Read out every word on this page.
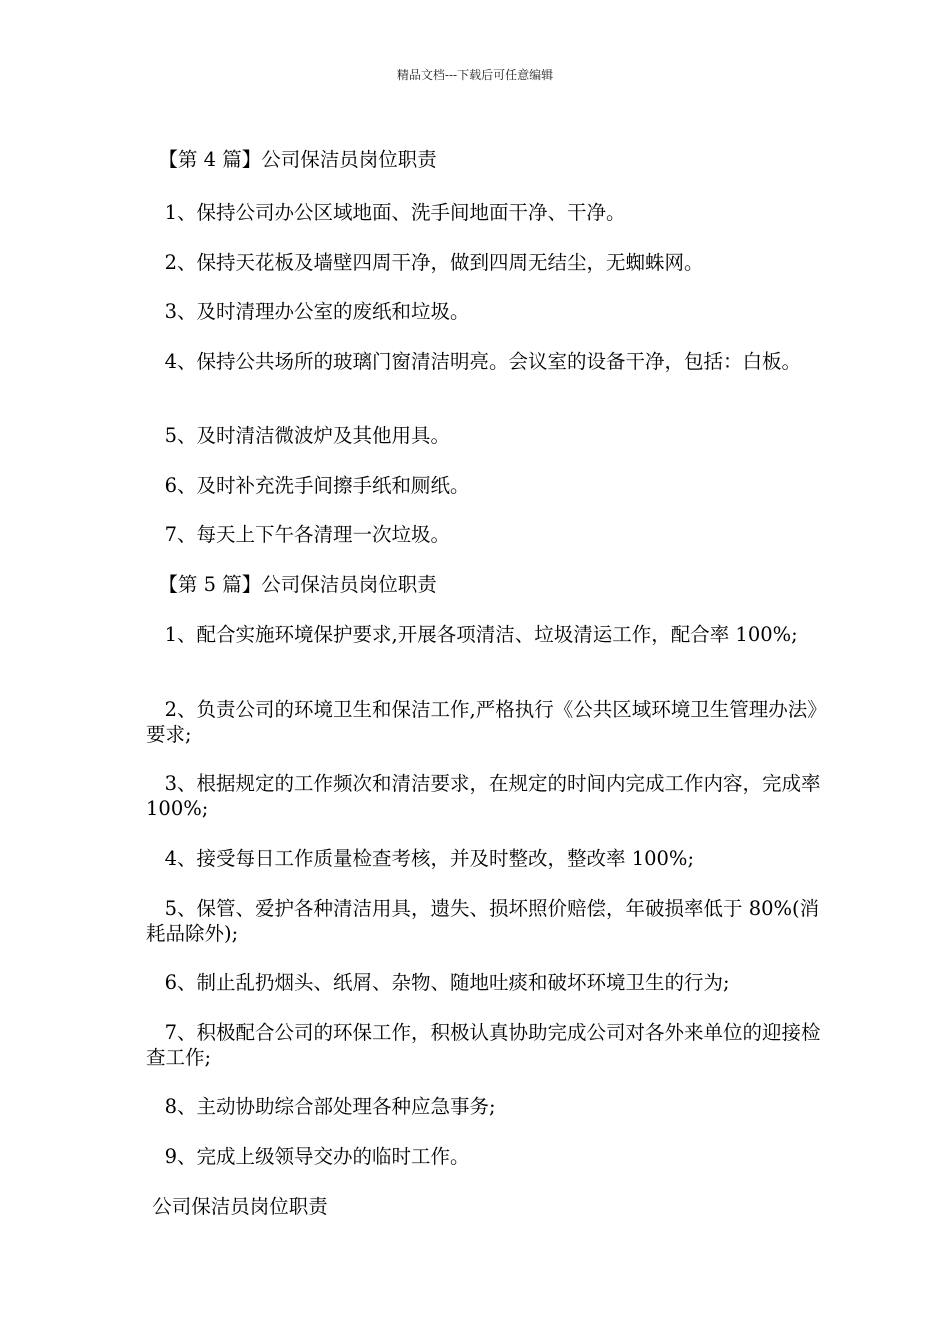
精品文档---下载后可任意编辑
【第 4 篇】公司保洁员岗位职责
1、保持公司办公区域地面、洗手间地面干净、干净。
2、保持天花板及墙壁四周干净，做到四周无结尘，无蜘蛛网。
3、及时清理办公室的废纸和垃圾。
4、保持公共场所的玻璃门窗清洁明亮。会议室的设备干净，包括：白板。
5、及时清洁微波炉及其他用具。
6、及时补充洗手间擦手纸和厕纸。
7、每天上下午各清理一次垃圾。
【第 5 篇】公司保洁员岗位职责
1、配合实施环境保护要求,开展各项清洁、垃圾清运工作，配合率 100%;
2、负责公司的环境卫生和保洁工作,严格执行《公共区域环境卫生管理办法》要求;
3、根据规定的工作频次和清洁要求，在规定的时间内完成工作内容，完成率 100%;
4、接受每日工作质量检查考核，并及时整改，整改率 100%;
5、保管、爱护各种清洁用具，遗失、损坏照价赔偿，年破损率低于 80%(消耗品除外);
6、制止乱扔烟头、纸屑、杂物、随地吐痰和破坏环境卫生的行为;
7、积极配合公司的环保工作，积极认真协助完成公司对各外来单位的迎接检查工作;
8、主动协助综合部处理各种应急事务;
9、完成上级领导交办的临时工作。
公司保洁员岗位职责
